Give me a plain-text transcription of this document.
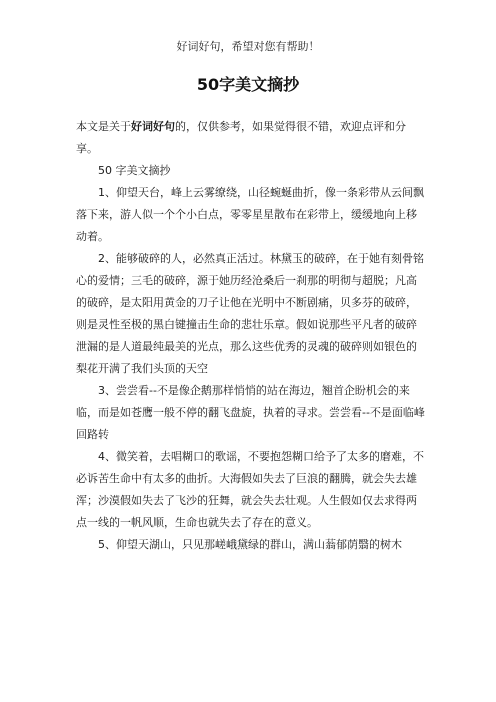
好词好句，希望对您有帮助！
50字美文摘抄

本文是关于好词好句的，仅供参考，如果觉得很不错，欢迎点评和分享。

50 字美文摘抄

1、仰望天台，峰上云雾缭绕，山径蜿蜒曲折，像一条彩带从云间飘落下来，游人似一个个小白点，零零星星散布在彩带上，缓缓地向上移动着。

2、能够破碎的人，必然真正活过。林黛玉的破碎，在于她有刻骨铭心的爱情；三毛的破碎，源于她历经沧桑后一刹那的明彻与超脱；凡高的破碎，是太阳用黄金的刀子让他在光明中不断剧痛，贝多芬的破碎，则是灵性至极的黑白键撞击生命的悲壮乐章。假如说那些平凡者的破碎泄漏的是人道最纯最美的光点，那么这些优秀的灵魂的破碎则如银色的梨花开满了我们头顶的天空

3、尝尝看--不是像企鹅那样悄悄的站在海边，翘首企盼机会的来临，而是如苍鹰一般不停的翻飞盘旋，执着的寻求。尝尝看--不是面临峰回路转

4、微笑着，去唱糊口的歌谣，不要抱怨糊口给予了太多的磨难，不必诉苦生命中有太多的曲折。大海假如失去了巨浪的翻腾，就会失去雄浑；沙漠假如失去了飞沙的狂舞，就会失去壮观。人生假如仅去求得两点一线的一帆风顺，生命也就失去了存在的意义。

5、仰望天湖山，只见那嵯峨黛绿的群山，满山蓊郁荫翳的树木
